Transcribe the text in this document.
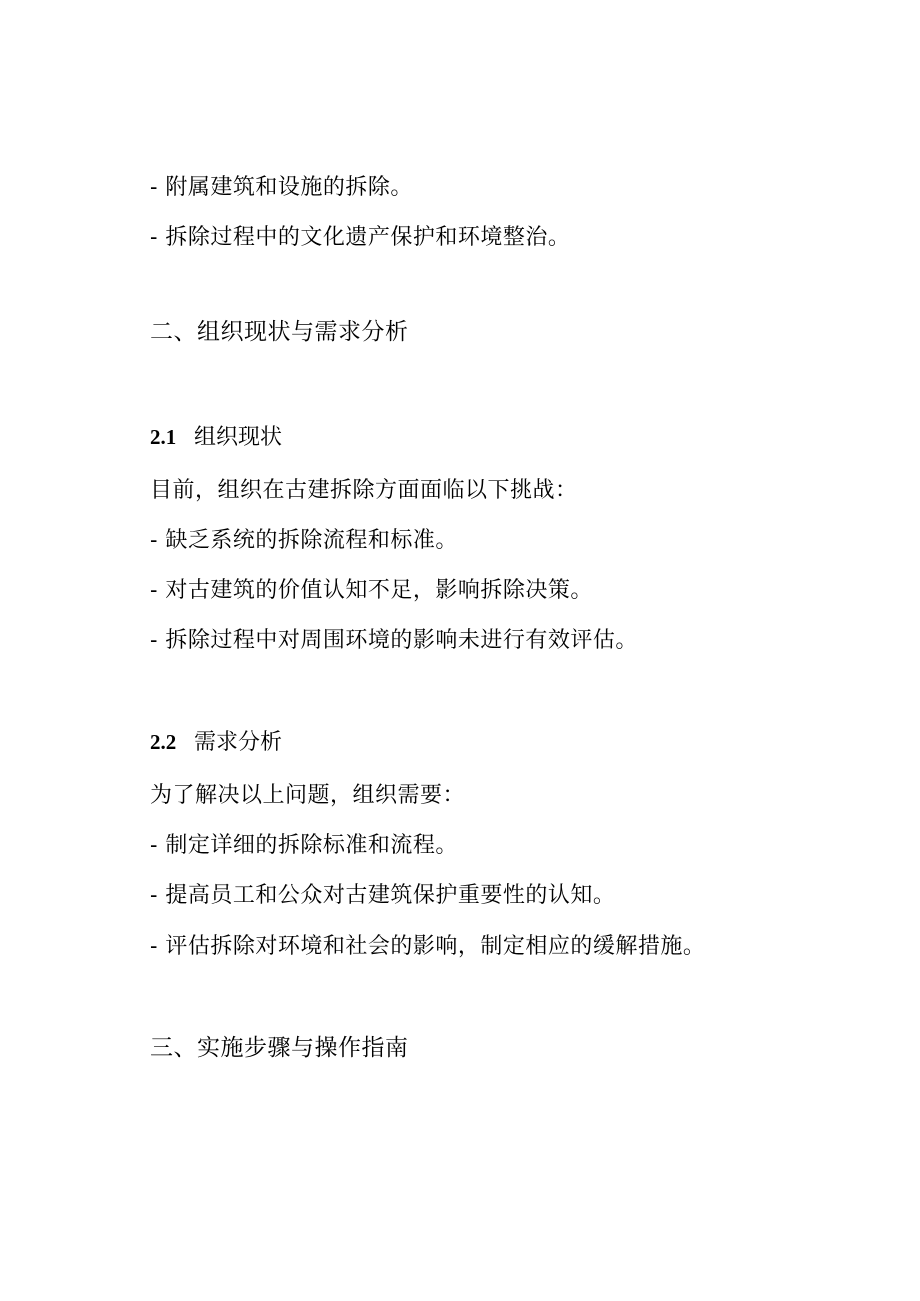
- 附属建筑和设施的拆除。
- 拆除过程中的文化遗产保护和环境整治。
二、组织现状与需求分析
2.1 组织现状
目前，组织在古建拆除方面面临以下挑战：
- 缺乏系统的拆除流程和标准。
- 对古建筑的价值认知不足，影响拆除决策。
- 拆除过程中对周围环境的影响未进行有效评估。
2.2 需求分析
为了解决以上问题，组织需要：
- 制定详细的拆除标准和流程。
- 提高员工和公众对古建筑保护重要性的认知。
- 评估拆除对环境和社会的影响，制定相应的缓解措施。
三、实施步骤与操作指南
